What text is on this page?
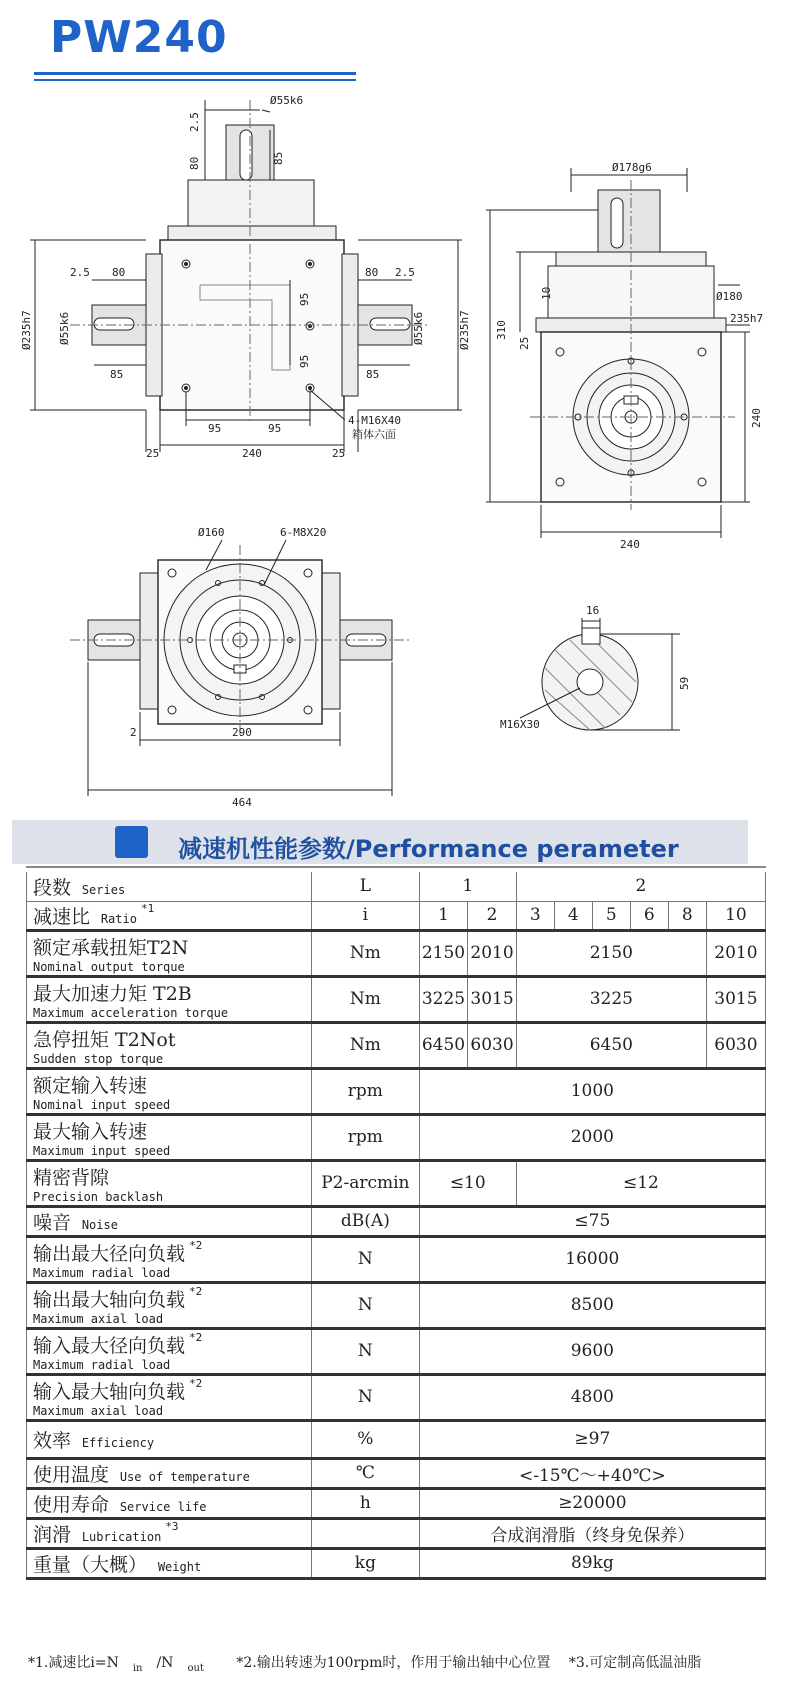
PW240
Ø55k6
2.5
80	85
2.5 80	80 2.5
Ø55k6	Ø55k6
Ø235h7	Ø235h7
85	85
95
95
95	95
4-M16X40
箱体六面
25	240	25
Ø178g6
10	Ø180
310
25
235h7
240
240
Ø160	6-M8X20
2	290
464
16
59
M16X30
减速机性能参数/Performance perameter
段数 Series	L	1		2					
减速比 Ratio$^{*1}$	i	1	2	3	4	5	6	8	10

额定承载扭矩T2N
Nominal output torque	Nm	2150	2010	2150					2010

最大加速力矩 T2B
Maximum acceleration torque	Nm	3225	3015	3225					3015

急停扭矩 T2Not
Sudden stop torque	Nm	6450	6030	6450					6030

额定输入转速
Nominal input speed	rpm	1000							

最大输入转速
Maximum input speed	rpm	2000							

精密背隙
Precision backlash	P2-arcmin	≤10		≤12					
噪音 Noise	dB(A)	≤75							

输出最大径向负载 $^{*2}$
Maximum radial load	N	16000							

输出最大轴向负载 $^{*2}$
Maximum axial load	N	8500							

输入最大径向负载 $^{*2}$
Maximum radial load	N	9600							

输入最大轴向负载 $^{*2}$
Maximum axial load	N	4800							
效率 Efficiency	%	≥97							
使用温度 Use of temperature	℃	<-15℃～+40℃>							
使用寿命 Service life	h	≥20000							
润滑 Lubrication$^{*3}$		合成润滑脂（终身免保养）							
重量（大概） Weight	kg	89kg							
*1.减速比i=N $_{in}$ /N $_{out}$ *2.输出转速为100rpm时，作用于输出轴中心位置 *3.可定制高低温油脂
